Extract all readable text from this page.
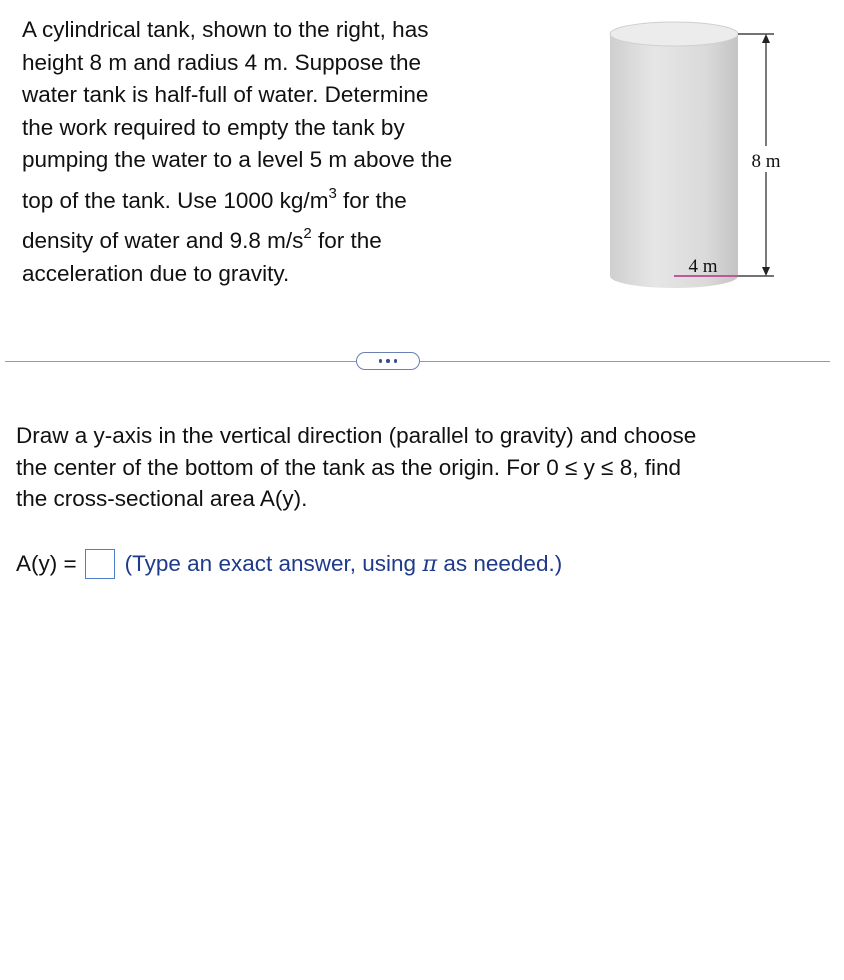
A cylindrical tank, shown to the right, has
height 8 m and radius 4 m. Suppose the
water tank is half-full of water. Determine
the work required to empty the tank by
pumping the water to a level 5 m above the
top of the tank. Use 1000 $kg/m^3$ for the
density of water and 9.8 $m/s^2$ for the
acceleration due to gravity.
8 m
4 m
Draw a y-axis in the vertical direction (parallel to gravity) and choose
the center of the bottom of the tank as the origin. For 0 ≤ y ≤ 8, find
the cross-sectional area A(y).
A(y) = (Type an exact answer, using π as needed.)
